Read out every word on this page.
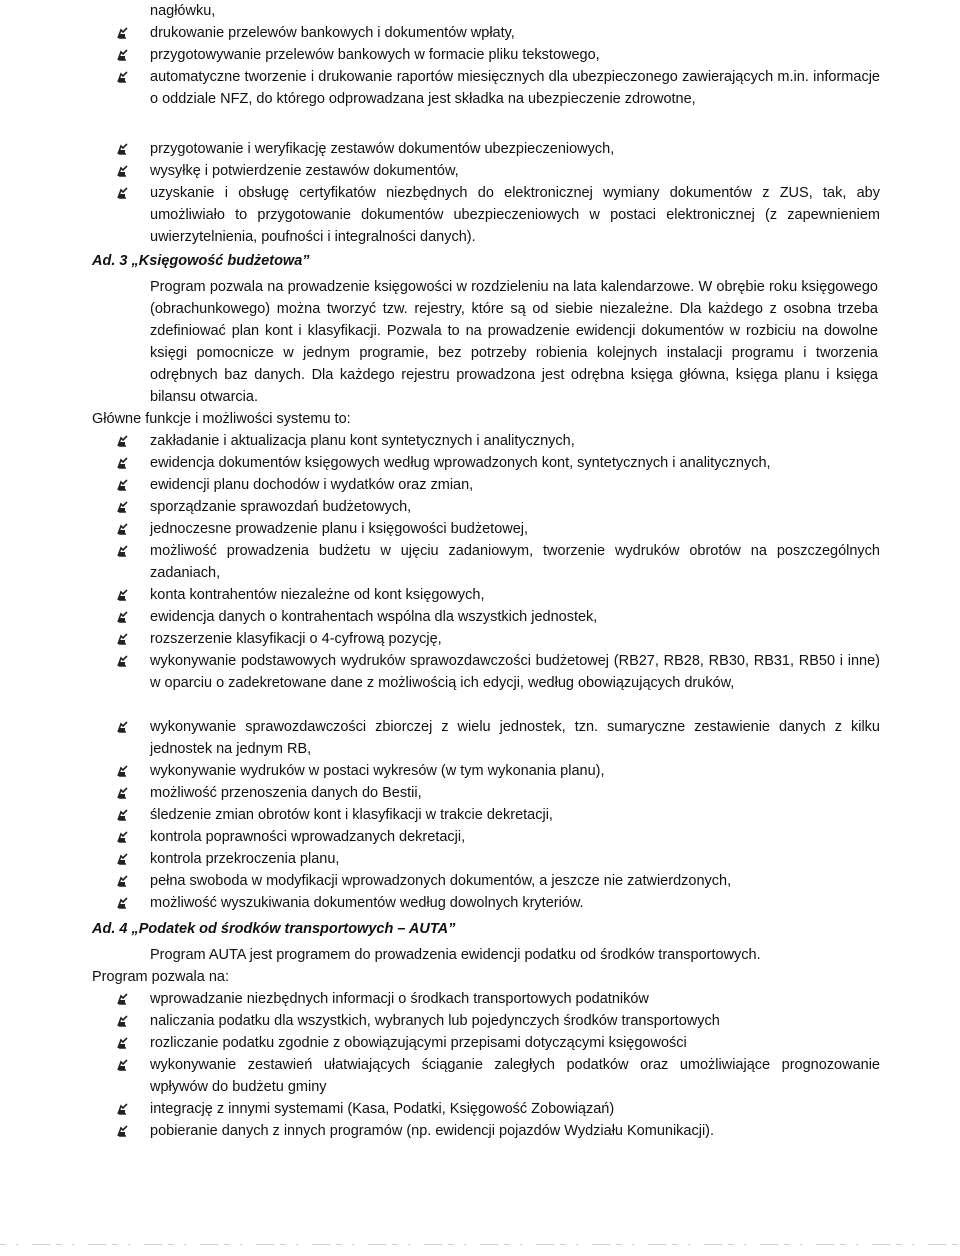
nagłówku,
drukowanie przelewów bankowych i dokumentów wpłaty,
przygotowywanie przelewów bankowych w formacie pliku tekstowego,
automatyczne tworzenie i drukowanie raportów miesięcznych dla ubezpieczonego zawierających m.in. informacje o oddziale NFZ, do którego odprowadzana jest składka na ubezpieczenie zdrowotne,
przygotowanie i weryfikację zestawów dokumentów ubezpieczeniowych,
wysyłkę i potwierdzenie zestawów dokumentów,
uzyskanie i obsługę certyfikatów niezbędnych do elektronicznej wymiany dokumentów z ZUS, tak, aby umożliwiało to przygotowanie dokumentów ubezpieczeniowych w postaci elektronicznej (z zapewnieniem uwierzytelnienia, poufności i integralności danych).
Ad. 3 „Księgowość budżetowa”
Program pozwala na prowadzenie księgowości w rozdzieleniu na lata kalendarzowe. W obrębie roku księgowego (obrachunkowego) można tworzyć tzw. rejestry, które są od siebie niezależne. Dla każdego z osobna trzeba zdefiniować plan kont i klasyfikacji. Pozwala to na prowadzenie ewidencji dokumentów w rozbiciu na dowolne księgi pomocnicze w jednym programie, bez potrzeby robienia kolejnych instalacji programu i tworzenia odrębnych baz danych. Dla każdego rejestru prowadzona jest odrębna księga główna, księga planu i księga bilansu otwarcia.
Główne funkcje i możliwości systemu to:
Ad. 4 „Podatek od środków transportowych – AUTA”
Program AUTA jest programem do prowadzenia ewidencji podatku od środków transportowych.
Program pozwala na:
zakładanie i aktualizacja planu kont syntetycznych i analitycznych,
ewidencja dokumentów księgowych według wprowadzonych kont, syntetycznych i analitycznych,
ewidencji planu dochodów i wydatków oraz zmian,
sporządzanie sprawozdań budżetowych,
jednoczesne prowadzenie planu i księgowości budżetowej,
możliwość prowadzenia budżetu w ujęciu zadaniowym, tworzenie wydruków obrotów na poszczególnych zadaniach,
konta kontrahentów niezależne od kont księgowych,
ewidencja danych o kontrahentach wspólna dla wszystkich jednostek,
rozszerzenie klasyfikacji o 4-cyfrową pozycję,
wykonywanie podstawowych wydruków sprawozdawczości budżetowej (RB27, RB28, RB30, RB31, RB50 i inne) w oparciu o zadekretowane dane z możliwością ich edycji, według obowiązujących druków,
wykonywanie sprawozdawczości zbiorczej z wielu jednostek, tzn. sumaryczne zestawienie danych z kilku jednostek na jednym RB,
wykonywanie wydruków w postaci wykresów (w tym wykonania planu),
możliwość przenoszenia danych do Bestii,
śledzenie zmian obrotów kont i klasyfikacji w trakcie dekretacji,
kontrola poprawności wprowadzanych dekretacji,
kontrola przekroczenia planu,
pełna swoboda w modyfikacji wprowadzonych dokumentów, a jeszcze nie zatwierdzonych,
możliwość wyszukiwania dokumentów według dowolnych kryteriów.
wprowadzanie niezbędnych informacji o środkach transportowych podatników
naliczania podatku dla wszystkich, wybranych lub pojedynczych środków transportowych
rozliczanie podatku zgodnie z obowiązującymi przepisami dotyczącymi księgowości
wykonywanie zestawień ułatwiających ściąganie zaległych podatków oraz umożliwiające prognozowanie wpływów do budżetu gminy
integrację z innymi systemami (Kasa, Podatki, Księgowość Zobowiązań)
pobieranie danych z innych programów (np. ewidencji pojazdów Wydziału Komunikacji).
